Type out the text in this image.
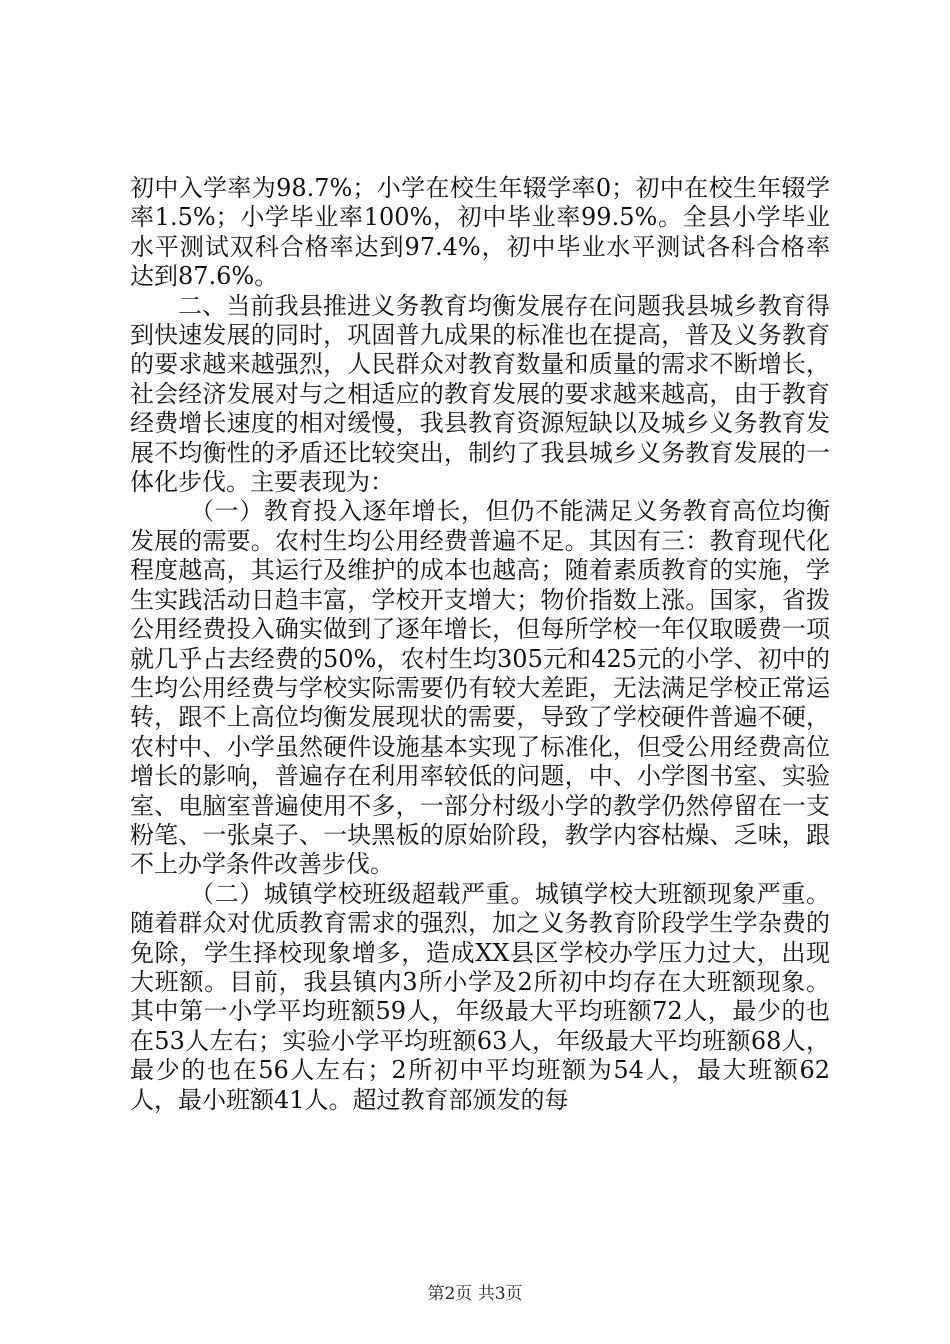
初中入学率为98.7%；小学在校生年辍学率0；初中在校生年辍学率1.5%；小学毕业率100%，初中毕业率99.5%。全县小学毕业水平测试双科合格率达到97.4%，初中毕业水平测试各科合格率达到87.6%。

二、当前我县推进义务教育均衡发展存在问题我县城乡教育得到快速发展的同时，巩固普九成果的标准也在提高，普及义务教育的要求越来越强烈，人民群众对教育数量和质量的需求不断增长，社会经济发展对与之相适应的教育发展的要求越来越高，由于教育经费增长速度的相对缓慢，我县教育资源短缺以及城乡义务教育发展不均衡性的矛盾还比较突出，制约了我县城乡义务教育发展的一体化步伐。主要表现为：

（一）教育投入逐年增长，但仍不能满足义务教育高位均衡发展的需要。农村生均公用经费普遍不足。其因有三：教育现代化程度越高，其运行及维护的成本也越高；随着素质教育的实施，学生实践活动日趋丰富，学校开支增大；物价指数上涨。国家，省拨公用经费投入确实做到了逐年增长，但每所学校一年仅取暖费一项就几乎占去经费的50%，农村生均305元和425元的小学、初中的生均公用经费与学校实际需要仍有较大差距，无法满足学校正常运转，跟不上高位均衡发展现状的需要，导致了学校硬件普遍不硬，农村中、小学虽然硬件设施基本实现了标准化，但受公用经费高位增长的影响，普遍存在利用率较低的问题，中、小学图书室、实验室、电脑室普遍使用不多，一部分村级小学的教学仍然停留在一支粉笔、一张桌子、一块黑板的原始阶段，教学内容枯燥、乏味，跟不上办学条件改善步伐。

（二）城镇学校班级超载严重。城镇学校大班额现象严重。随着群众对优质教育需求的强烈，加之义务教育阶段学生学杂费的免除，学生择校现象增多，造成XX县区学校办学压力过大，出现大班额。目前，我县镇内3所小学及2所初中均存在大班额现象。其中第一小学平均班额59人，年级最大平均班额72人，最少的也在53人左右；实验小学平均班额63人，年级最大平均班额68人，最少的也在56人左右；2所初中平均班额为54人，最大班额62人，最小班额41人。超过教育部颁发的每

第2页 共3页
